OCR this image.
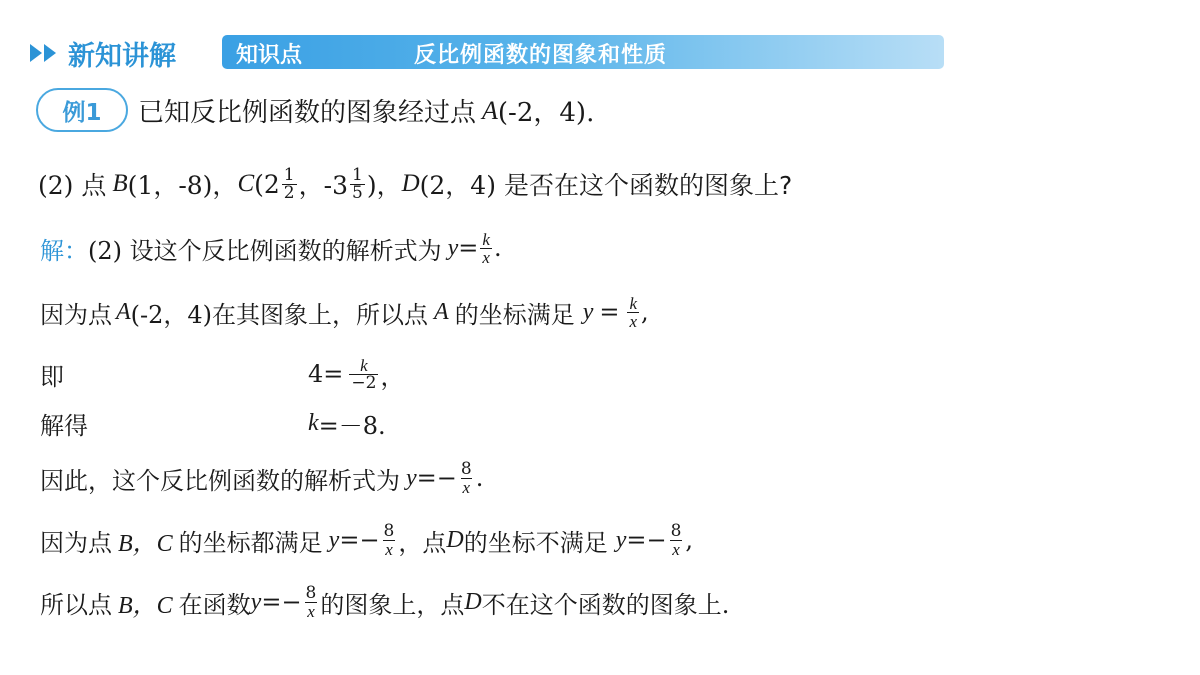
新知讲解	知识点	反比例函数的图象和性质
例1	已知反比例函数的图象经过点 A (-2，4).
(2) 点 B (1，-8)， C ($2 \frac{1}{2}$ ，$-3 \frac{1}{5}$ )， D (2，4) 是否在这个函数的图象上?
解： (2) 设这个反比例函数的解析式为 $y = \frac{k}{x}$ .
因为点 A (-2，4)在其图象上，所以点 A 的坐标满足 $y = \frac{k}{x}$ ,
即	$4= \frac{k}{-2}$ ，
解得	k =－8.
因此，这个反比例函数的解析式为 $y =- \frac{8}{x}$ .
因为点 B，C 的坐标都满足 $y =- \frac{8}{x}$ ，点 D 的坐标不满足 $y =- \frac{8}{x}$ ,
所以点 B，C 在函数 $y =- \frac{8}{x}$ 的图象上，点 D 不在这个函数的图象上.
